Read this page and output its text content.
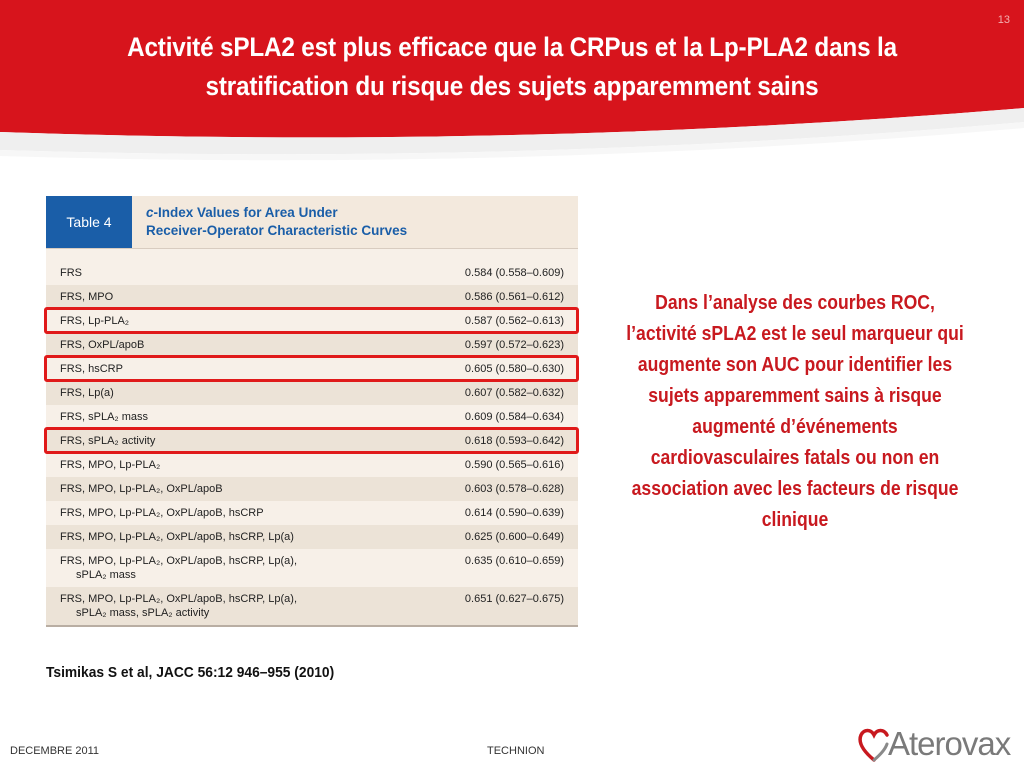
13
Activité sPLA2 est plus efficace que la CRPus et la Lp-PLA2 dans la
stratification du risque des sujets apparemment sains
Table 4
c-Index Values for Area Under
Receiver-Operator Characteristic Curves
FRS	0.584 (0.558–0.609)
FRS, MPO	0.586 (0.561–0.612)
FRS, Lp-PLA₂	0.587 (0.562–0.613)
FRS, OxPL/apoB	0.597 (0.572–0.623)
FRS, hsCRP	0.605 (0.580–0.630)
FRS, Lp(a)	0.607 (0.582–0.632)
FRS, sPLA₂ mass	0.609 (0.584–0.634)
FRS, sPLA₂ activity	0.618 (0.593–0.642)
FRS, MPO, Lp-PLA₂	0.590 (0.565–0.616)
FRS, MPO, Lp-PLA₂, OxPL/apoB	0.603 (0.578–0.628)
FRS, MPO, Lp-PLA₂, OxPL/apoB, hsCRP	0.614 (0.590–0.639)
FRS, MPO, Lp-PLA₂, OxPL/apoB, hsCRP, Lp(a)	0.625 (0.600–0.649)
FRS, MPO, Lp-PLA₂, OxPL/apoB, hsCRP, Lp(a),
sPLA₂ mass
0.635 (0.610–0.659)
FRS, MPO, Lp-PLA₂, OxPL/apoB, hsCRP, Lp(a),
sPLA₂ mass, sPLA₂ activity
0.651 (0.627–0.675)
Tsimikas S et al, JACC 56:12 946–955 (2010)
Dans l’analyse des courbes ROC, l’activité sPLA2 est le seul marqueur qui augmente son AUC pour identifier les sujets apparemment sains à risque augmenté d’événements cardiovasculaires fatals ou non en association avec les facteurs de risque clinique
DECEMBRE 2011	TECHNION	Aterovax
